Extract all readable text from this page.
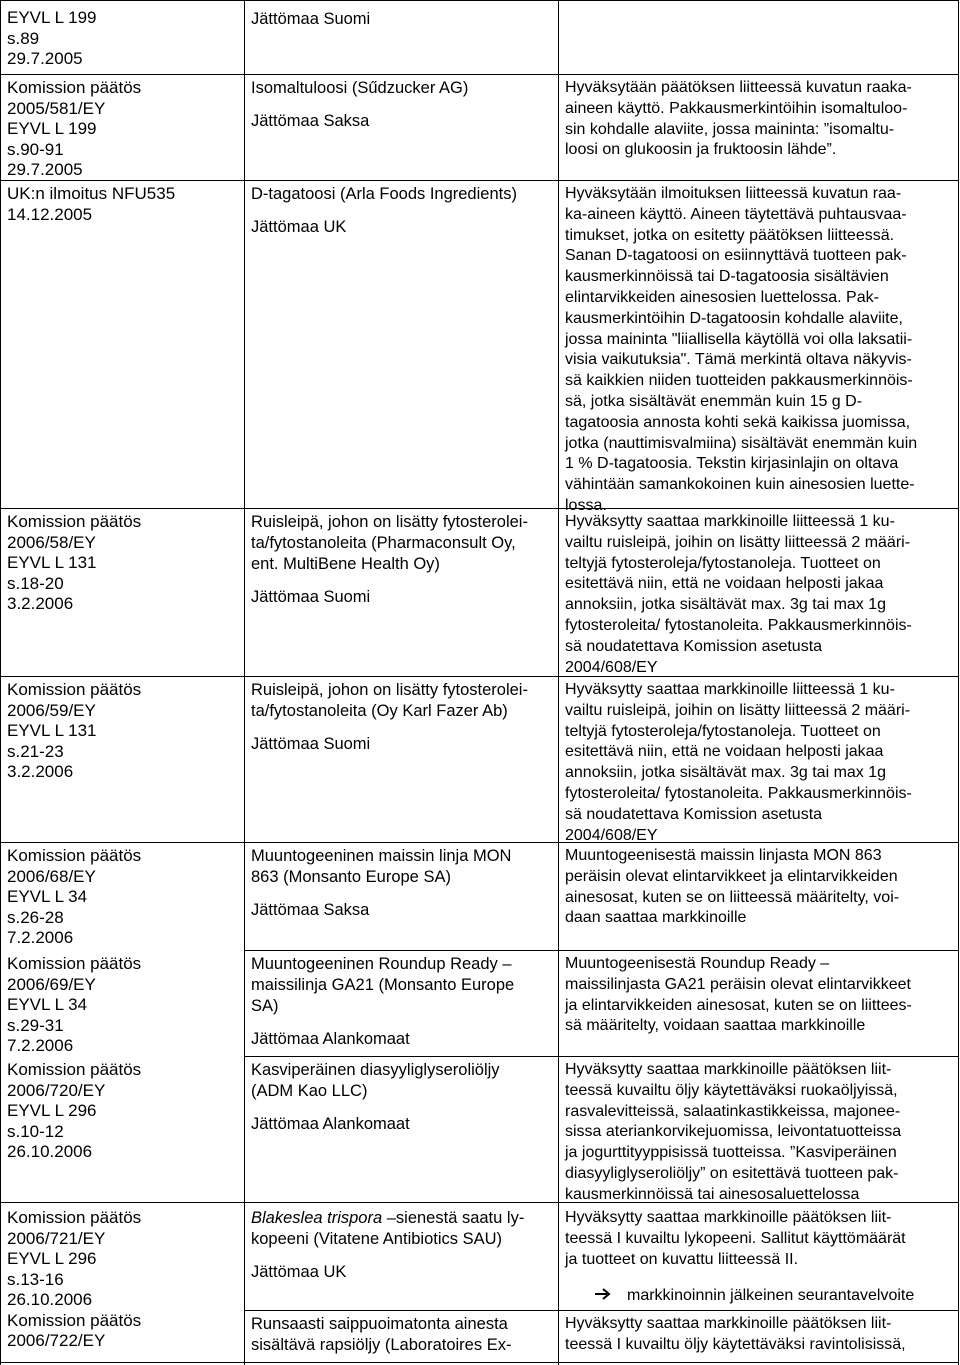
EYVL L 199
s.89
29.7.2005
Komission päätös
2005/581/EY
EYVL L 199
s.90-91
29.7.2005
UK:n ilmoitus NFU535
14.12.2005
Komission päätös
2006/58/EY
EYVL L 131
s.18-20
3.2.2006
Komission päätös
2006/59/EY
EYVL L 131
s.21-23
3.2.2006
Komission päätös
2006/68/EY
EYVL L 34
s.26-28
7.2.2006
Komission päätös
2006/69/EY
EYVL L 34
s.29-31
7.2.2006
Komission päätös
2006/720/EY
EYVL L 296
s.10-12
26.10.2006
Komission päätös
2006/721/EY
EYVL L 296
s.13-16
26.10.2006
Komission päätös
2006/722/EY
Jättömaa Suomi
Isomaltuloosi (Sűdzucker AG)
Jättömaa Saksa
D-tagatoosi (Arla Foods Ingredients)
Jättömaa UK
Ruisleipä, johon on lisätty fytosterolei-
ta/fytostanoleita (Pharmaconsult Oy,
ent. MultiBene Health Oy)
Jättömaa Suomi
Ruisleipä, johon on lisätty fytosterolei-
ta/fytostanoleita (Oy Karl Fazer Ab)
Jättömaa Suomi
Muuntogeeninen maissin linja MON
863 (Monsanto Europe SA)
Jättömaa Saksa
Muuntogeeninen Roundup Ready –
maissilinja GA21 (Monsanto Europe
SA)
Jättömaa Alankomaat
Kasviperäinen diasyyliglyseroliöljy
(ADM Kao LLC)
Jättömaa Alankomaat
Blakeslea trispora –sienestä saatu ly-
kopeeni (Vitatene Antibiotics SAU)
Jättömaa UK
Runsaasti saippuoimatonta ainesta
sisältävä rapsiöljy (Laboratoires Ex-
Hyväksytään päätöksen liitteessä kuvatun raaka-
aineen käyttö. Pakkausmerkintöihin isomaltuloo-
sin kohdalle alaviite, jossa maininta: ”isomaltu-
loosi on glukoosin ja fruktoosin lähde”.
Hyväksytään ilmoituksen liitteessä kuvatun raa-
ka-aineen käyttö. Aineen täytettävä puhtausvaa-
timukset, jotka on esitetty päätöksen liitteessä.
Sanan D-tagatoosi on esiinnyttävä tuotteen pak-
kausmerkinnöissä tai D-tagatoosia sisältävien
elintarvikkeiden ainesosien luettelossa. Pak-
kausmerkintöihin D-tagatoosin kohdalle alaviite,
jossa maininta "liiallisella käytöllä voi olla laksatii-
visia vaikutuksia". Tämä merkintä oltava näkyvis-
sä kaikkien niiden tuotteiden pakkausmerkinnöis-
sä, jotka sisältävät enemmän kuin 15 g D-
tagatoosia annosta kohti sekä kaikissa juomissa,
jotka (nauttimisvalmiina) sisältävät enemmän kuin
1 % D-tagatoosia. Tekstin kirjasinlajin on oltava
vähintään samankokoinen kuin ainesosien luette-
lossa.
Hyväksytty saattaa markkinoille liitteessä 1 ku-
vailtu ruisleipä, joihin on lisätty liitteessä 2 määri-
teltyjä fytosteroleja/fytostanoleja. Tuotteet on
esitettävä niin, että ne voidaan helposti jakaa
annoksiin, jotka sisältävät max. 3g tai max 1g
fytosteroleita/ fytostanoleita. Pakkausmerkinnöis-
sä noudatettava Komission asetusta
2004/608/EY
Hyväksytty saattaa markkinoille liitteessä 1 ku-
vailtu ruisleipä, joihin on lisätty liitteessä 2 määri-
teltyjä fytosteroleja/fytostanoleja. Tuotteet on
esitettävä niin, että ne voidaan helposti jakaa
annoksiin, jotka sisältävät max. 3g tai max 1g
fytosteroleita/ fytostanoleita. Pakkausmerkinnöis-
sä noudatettava Komission asetusta
2004/608/EY
Muuntogeenisestä maissin linjasta MON 863
peräisin olevat elintarvikkeet ja elintarvikkeiden
ainesosat, kuten se on liitteessä määritelty, voi-
daan saattaa markkinoille
Muuntogeenisestä Roundup Ready –
maissilinjasta GA21 peräisin olevat elintarvikkeet
ja elintarvikkeiden ainesosat, kuten se on liittees-
sä määritelty, voidaan saattaa markkinoille
Hyväksytty saattaa markkinoille päätöksen liit-
teessä kuvailtu öljy käytettäväksi ruokaöljyissä,
rasvalevitteissä, salaatinkastikkeissa, majonee-
sissa ateriankorvikejuomissa, leivontatuotteissa
ja jogurttityyppisissä tuotteissa. ”Kasviperäinen
diasyyliglyseroliöljy” on esitettävä tuotteen pak-
kausmerkinnöissä tai ainesosaluettelossa
Hyväksytty saattaa markkinoille päätöksen liit-
teessä I kuvailtu lykopeeni. Sallitut käyttömäärät
ja tuotteet on kuvattu liitteessä II.
markkinoinnin jälkeinen seurantavelvoite
Hyväksytty saattaa markkinoille päätöksen liit-
teessä I kuvailtu öljy käytettäväksi ravintolisissä,
